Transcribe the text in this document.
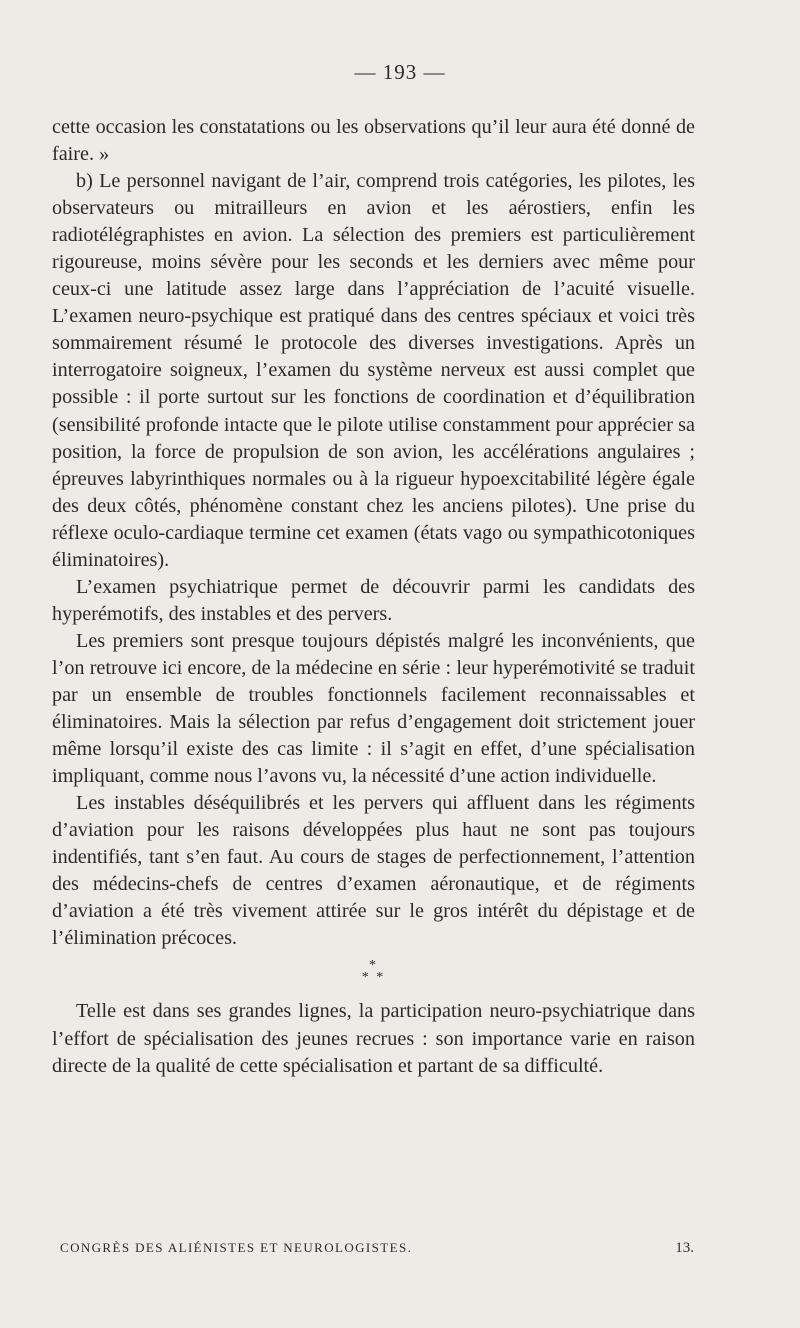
— 193 —

cette occasion les constatations ou les observations qu’il leur aura été donné de faire. »

b) Le personnel navigant de l’air, comprend trois catégories, les pilotes, les observateurs ou mitrailleurs en avion et les aérostiers, enfin les radiotélégraphistes en avion. La sélection des premiers est particulièrement rigoureuse, moins sévère pour les seconds et les derniers avec même pour ceux-ci une latitude assez large dans l’appréciation de l’acuité visuelle. L’examen neuro-psychique est pratiqué dans des centres spéciaux et voici très sommairement résumé le protocole des diverses investigations. Après un interrogatoire soigneux, l’examen du système nerveux est aussi complet que possible : il porte surtout sur les fonctions de coordination et d’équilibration (sensibilité profonde intacte que le pilote utilise constamment pour apprécier sa position, la force de propulsion de son avion, les accélérations angulaires ; épreuves labyrinthiques normales ou à la rigueur hypoexcitabilité légère égale des deux côtés, phénomène constant chez les anciens pilotes). Une prise du réflexe oculo-cardiaque termine cet examen (états vago ou sympathicotoniques éliminatoires).

L’examen psychiatrique permet de découvrir parmi les candidats des hyperémotifs, des instables et des pervers.

Les premiers sont presque toujours dépistés malgré les inconvénients, que l’on retrouve ici encore, de la médecine en série : leur hyperémotivité se traduit par un ensemble de troubles fonctionnels facilement reconnaissables et éliminatoires. Mais la sélection par refus d’engagement doit strictement jouer même lorsqu’il existe des cas limite : il s’agit en effet, d’une spécialisation impliquant, comme nous l’avons vu, la nécessité d’une action individuelle.

Les instables déséquilibrés et les pervers qui affluent dans les régiments d’aviation pour les raisons développées plus haut ne sont pas toujours indentifiés, tant s’en faut. Au cours de stages de perfectionnement, l’attention des médecins-chefs de centres d’examen aéronautique, et de régiments d’aviation a été très vivement attirée sur le gros intérêt du dépistage et de l’élimination précoces.

*
* *

Telle est dans ses grandes lignes, la participation neuro-psychiatrique dans l’effort de spécialisation des jeunes recrues : son importance varie en raison directe de la qualité de cette spécialisation et partant de sa difficulté.

CONGRÈS DES ALIÉNISTES ET NEUROLOGISTES.	13.
